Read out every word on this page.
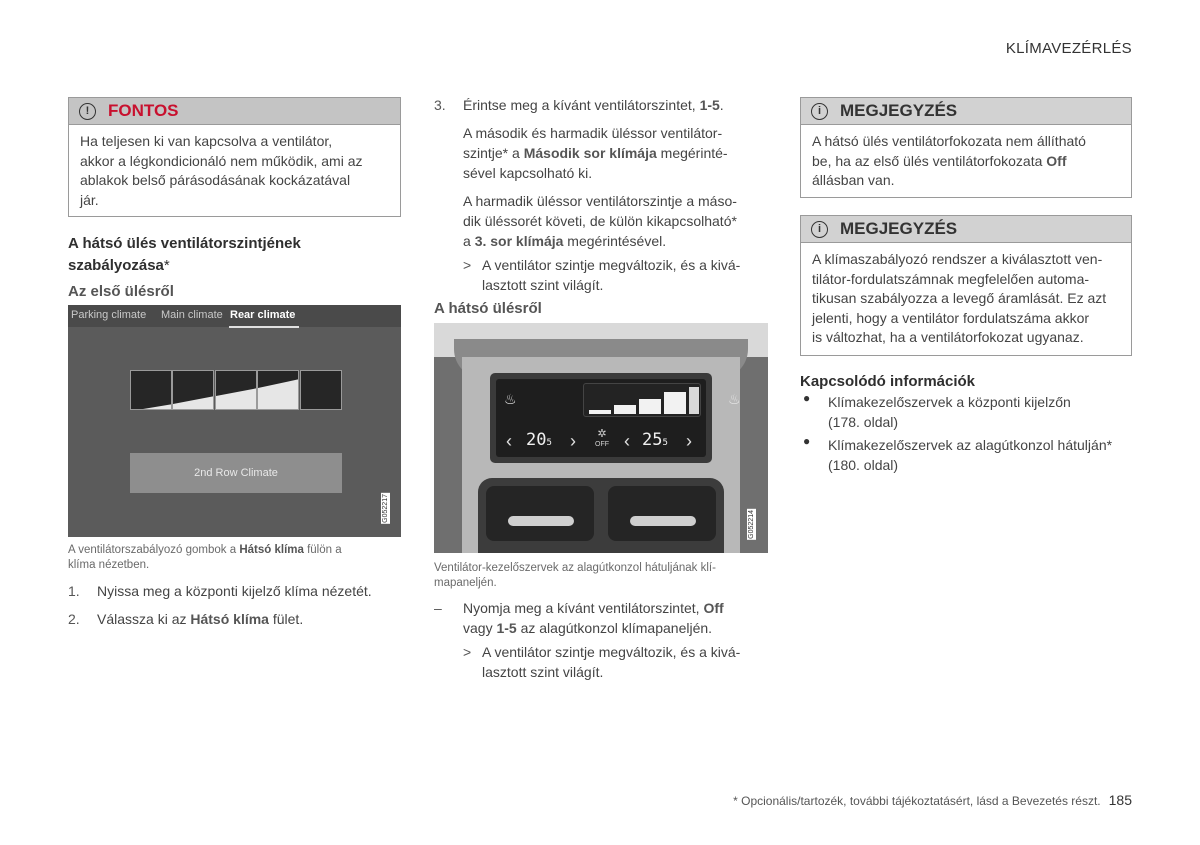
KLÍMAVEZÉRLÉS
!	FONTOS
Ha teljesen ki van kapcsolva a ventilátor,
akkor a légkondicionáló nem működik, ami az
ablakok belső párásodásának kockázatával
jár.
A hátsó ülés ventilátorszintjének
szabályozása*
Az első ülésről
Parking climate Main climate Rear climate
2nd Row Climate
G052217
A ventilátorszabályozó gombok a Hátsó klíma fülön a
klíma nézetben.
1. Nyissa meg a központi kijelző klíma nézetét.
2. Válassza ki az Hátsó klíma fület.
3. Érintse meg a kívánt ventilátorszintet, 1-5.
A második és harmadik üléssor ventilátor-
szintje* a Második sor klímája megérinté-
sével kapcsolható ki.
A harmadik üléssor ventilátorszintje a máso-
dik üléssorét követi, de külön kikapcsolható*
a 3. sor klímája megérintésével.
> A ventilátor szintje megváltozik, és a kivá-
lasztott szint világít.
A hátsó ülésről
♨	♨
‹ 205 ›	✲
OFF ‹ 255 ›
G052214
Ventilátor-kezelőszervek az alagútkonzol hátuljának klí-
mapaneljén.
– Nyomja meg a kívánt ventilátorszintet, Off
vagy 1-5 az alagútkonzol klímapaneljén.
> A ventilátor szintje megváltozik, és a kivá-
lasztott szint világít.
i	MEGJEGYZÉS
A hátsó ülés ventilátorfokozata nem állítható
be, ha az első ülés ventilátorfokozata Off
állásban van.
i	MEGJEGYZÉS
A klímaszabályozó rendszer a kiválasztott ven-
tilátor-fordulatszámnak megfelelően automa-
tikusan szabályozza a levegő áramlását. Ez azt
jelenti, hogy a ventilátor fordulatszáma akkor
is változhat, ha a ventilátorfokozat ugyanaz.
Kapcsolódó információk
● Klímakezelőszervek a központi kijelzőn
(178. oldal)
● Klímakezelőszervek az alagútkonzol hátulján*
(180. oldal)
* Opcionális/tartozék, további tájékoztatásért, lásd a Bevezetés részt. 185
